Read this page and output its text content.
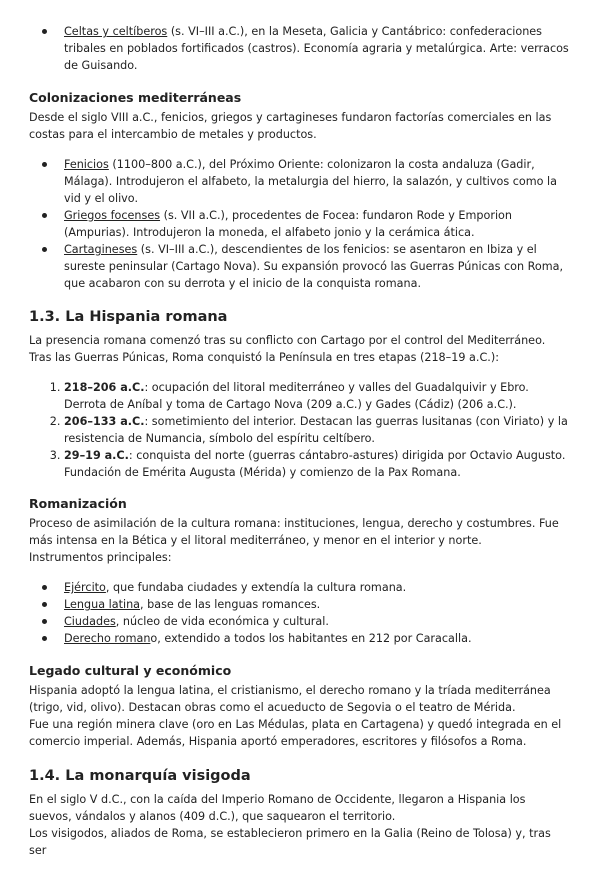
Celtas y celtíberos (s. VI–III a.C.), en la Meseta, Galicia y Cantábrico: confederaciones tribales en poblados fortificados (castros). Economía agraria y metalúrgica. Arte: verracos de Guisando.
Colonizaciones mediterráneas

Desde el siglo VIII a.C., fenicios, griegos y cartagineses fundaron factorías comerciales en las costas para el intercambio de metales y productos.

Fenicios (1100–800 a.C.), del Próximo Oriente: colonizaron la costa andaluza (Gadir, Málaga). Introdujeron el alfabeto, la metalurgia del hierro, la salazón, y cultivos como la vid y el olivo.
Griegos focenses (s. VII a.C.), procedentes de Focea: fundaron Rode y Emporion (Ampurias). Introdujeron la moneda, el alfabeto jonio y la cerámica ática.
Cartagineses (s. VI–III a.C.), descendientes de los fenicios: se asentaron en Ibiza y el sureste peninsular (Cartago Nova). Su expansión provocó las Guerras Púnicas con Roma, que acabaron con su derrota y el inicio de la conquista romana.
1.3. La Hispania romana

La presencia romana comenzó tras su conflicto con Cartago por el control del Mediterráneo. Tras las Guerras Púnicas, Roma conquistó la Península en tres etapas (218–19 a.C.):

1. 218–206 a.C.: ocupación del litoral mediterráneo y valles del Guadalquivir y Ebro. Derrota de Aníbal y toma de Cartago Nova (209 a.C.) y Gades (Cádiz) (206 a.C.).
2. 206–133 a.C.: sometimiento del interior. Destacan las guerras lusitanas (con Viriato) y la resistencia de Numancia, símbolo del espíritu celtíbero.
3. 29–19 a.C.: conquista del norte (guerras cántabro-astures) dirigida por Octavio Augusto. Fundación de Emérita Augusta (Mérida) y comienzo de la Pax Romana.
Romanización

Proceso de asimilación de la cultura romana: instituciones, lengua, derecho y costumbres. Fue más intensa en la Bética y el litoral mediterráneo, y menor en el interior y norte.

Instrumentos principales:

Ejército, que fundaba ciudades y extendía la cultura romana.
Lengua latina, base de las lenguas romances.
Ciudades, núcleo de vida económica y cultural.
Derecho romano, extendido a todos los habitantes en 212 por Caracalla.
Legado cultural y económico

Hispania adoptó la lengua latina, el cristianismo, el derecho romano y la tríada mediterránea (trigo, vid, olivo). Destacan obras como el acueducto de Segovia o el teatro de Mérida.

Fue una región minera clave (oro en Las Médulas, plata en Cartagena) y quedó integrada en el comercio imperial. Además, Hispania aportó emperadores, escritores y filósofos a Roma.

1.4. La monarquía visigoda

En el siglo V d.C., con la caída del Imperio Romano de Occidente, llegaron a Hispania los suevos, vándalos y alanos (409 d.C.), que saquearon el territorio.

Los visigodos, aliados de Roma, se establecieron primero en la Galia (Reino de Tolosa) y, tras ser
